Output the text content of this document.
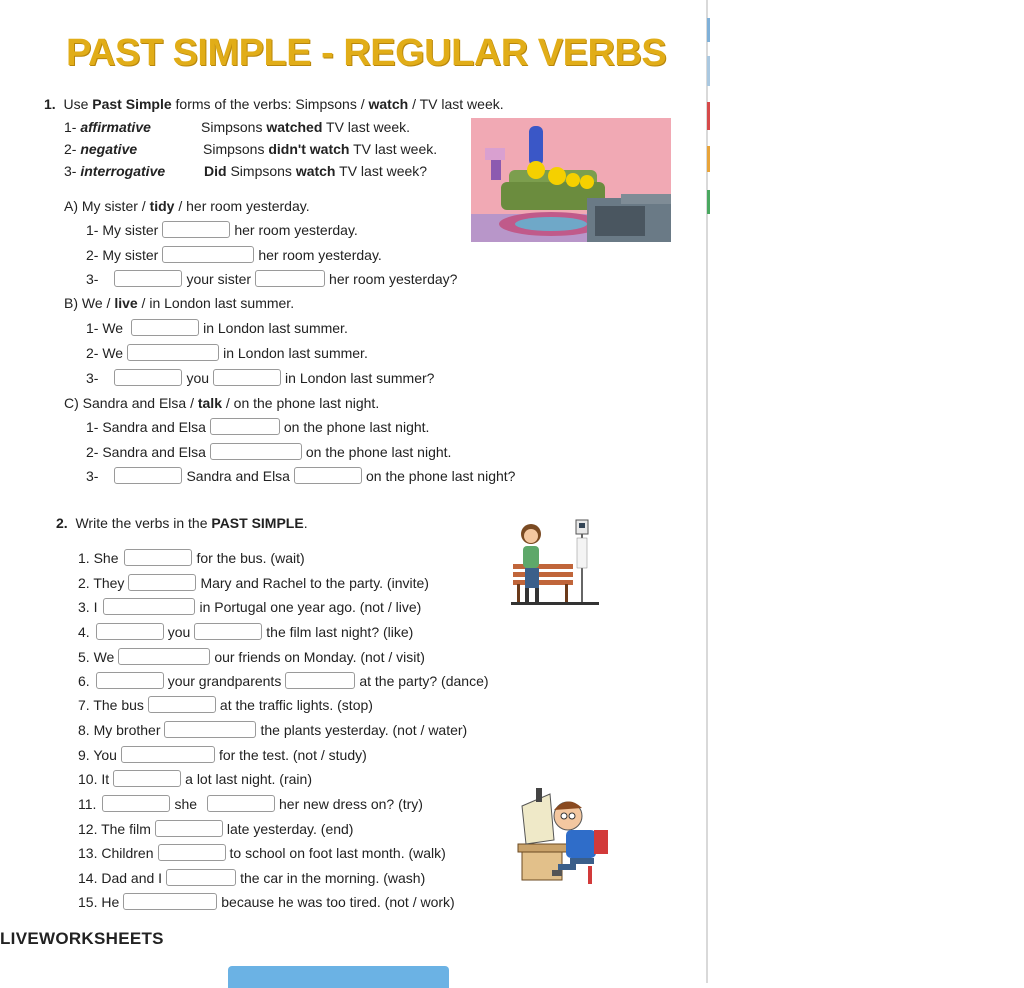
PAST SIMPLE - REGULAR VERBS
1. Use Past Simple forms of the verbs: Simpsons / watch / TV last week.
1- affirmative	Simpsons watched TV last week.
2- negative	Simpsons didn't watch TV last week.
3- interrogative	Did Simpsons watch TV last week?
A) My sister / tidy / her room yesterday.
1- My sister	her room yesterday.
2- My sister	her room yesterday.
3-	your sister	her room yesterday?
B) We / live / in London last summer.
1- We	in London last summer.
2- We	in London last summer.
3-	you	in London last summer?
C) Sandra and Elsa / talk / on the phone last night.
1- Sandra and Elsa	on the phone last night.
2- Sandra and Elsa	on the phone last night.
3-	Sandra and Elsa	on the phone last night?
2. Write the verbs in the PAST SIMPLE.
1. She	for the bus. (wait)
2. They	Mary and Rachel to the party. (invite)
3. I	in Portugal one year ago. (not / live)
4.	you	the film last night? (like)
5. We	our friends on Monday. (not / visit)
6.	your grandparents	at the party? (dance)
7. The bus	at the traffic lights. (stop)
8. My brother	the plants yesterday. (not / water)
9. You	for the test. (not / study)
10. It	a lot last night. (rain)
11.	she	her new dress on? (try)
12. The film	late yesterday. (end)
13. Children	to school on foot last month. (walk)
14. Dad and I	the car in the morning. (wash)
15. He	because he was too tired. (not / work)
LIVEWORKSHEETS
